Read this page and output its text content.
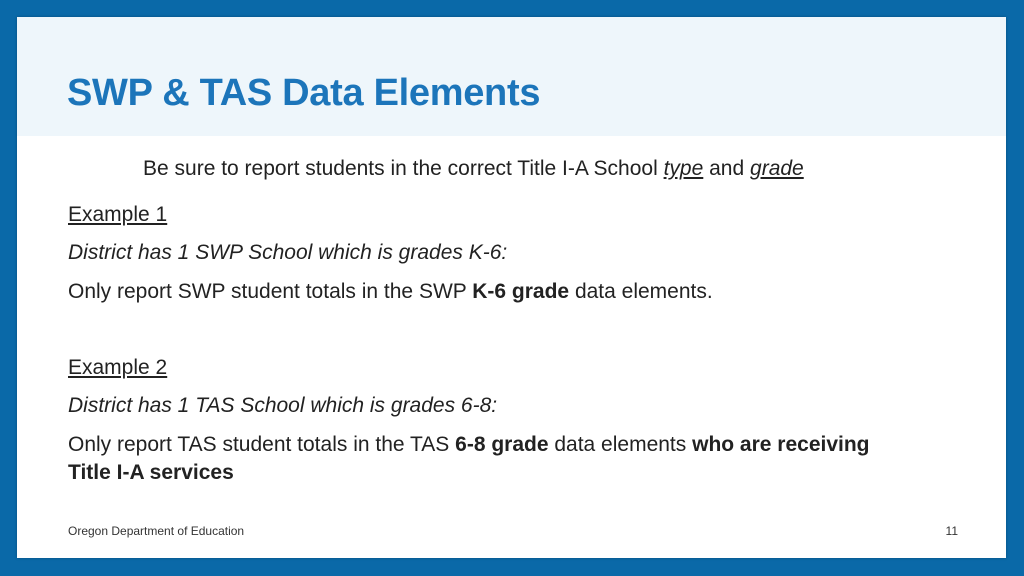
SWP & TAS Data Elements
Be sure to report students in the correct Title I-A School type and grade
Example 1
District has 1 SWP School which is grades K-6:
Only report SWP student totals in the SWP K-6 grade data elements.
Example 2
District has 1 TAS School which is grades 6-8:
Only report TAS student totals in the TAS 6-8 grade data elements who are receiving
Title I-A services
Oregon Department of Education	11
